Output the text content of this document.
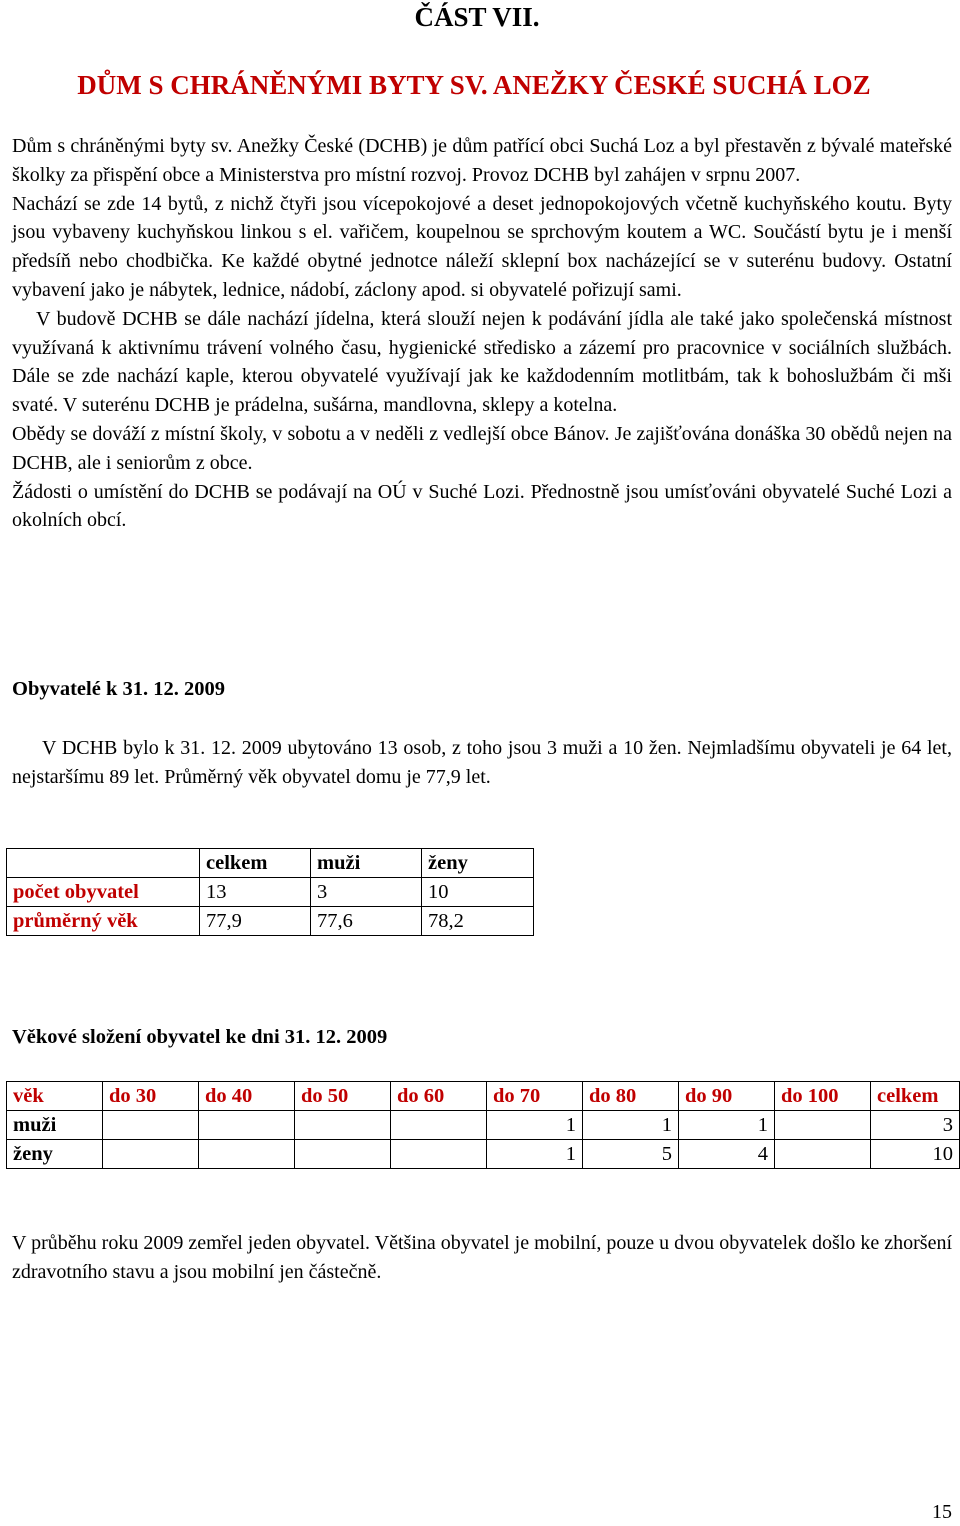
ČÁST VII.
DŮM S CHRÁNĚNÝMI BYTY SV. ANEŽKY ČESKÉ SUCHÁ LOZ

Dům s chráněnými byty sv. Anežky České (DCHB) je dům patřící obci Suchá Loz a byl přestavěn z bývalé mateřské školky za přispění obce a Ministerstva pro místní rozvoj. Provoz DCHB byl zahájen v srpnu 2007.

Nachází se zde 14 bytů, z nichž čtyři jsou vícepokojové a deset jednopokojových včetně kuchyňského koutu. Byty jsou vybaveny kuchyňskou linkou s el. vařičem, koupelnou se sprchovým koutem a WC. Součástí bytu je i menší předsíň nebo chodbička. Ke každé obytné jednotce náleží sklepní box nacházející se v suterénu budovy. Ostatní vybavení jako je nábytek, lednice, nádobí, záclony apod. si obyvatelé pořizují sami.

V budově DCHB se dále nachází jídelna, která slouží nejen k podávání jídla ale také jako společenská místnost využívaná k aktivnímu trávení volného času, hygienické středisko a zázemí pro pracovnice v sociálních službách. Dále se zde nachází kaple, kterou obyvatelé využívají jak ke každodenním motlitbám, tak k bohoslužbám či mši svaté. V suterénu DCHB je prádelna, sušárna, mandlovna, sklepy a kotelna.

Obědy se dováží z místní školy, v sobotu a v neděli z vedlejší obce Bánov. Je zajišťována donáška 30 obědů nejen na DCHB, ale i seniorům z obce.

Žádosti o umístění do DCHB se podávají na OÚ v Suché Lozi. Přednostně jsou umísťováni obyvatelé Suché Lozi a okolních obcí.

Obyvatelé k 31. 12. 2009

V DCHB bylo k 31. 12. 2009 ubytováno 13 osob, z toho jsou 3 muži a 10 žen. Nejmladšímu obyvateli je 64 let, nejstaršímu 89 let. Průměrný věk obyvatel domu je 77,9 let.

	celkem	muži	ženy
počet obyvatel	13	3	10
průměrný věk	77,9	77,6	78,2
Věkové složení obyvatel ke dni 31. 12. 2009
věk	do 30	do 40	do 50	do 60	do 70	do 80	do 90	do 100	celkem
muži					1	1	1		3
ženy					1	5	4		10

V průběhu roku 2009 zemřel jeden obyvatel. Většina obyvatel je mobilní, pouze u dvou obyvatelek došlo ke zhoršení zdravotního stavu a jsou mobilní jen částečně.

15
